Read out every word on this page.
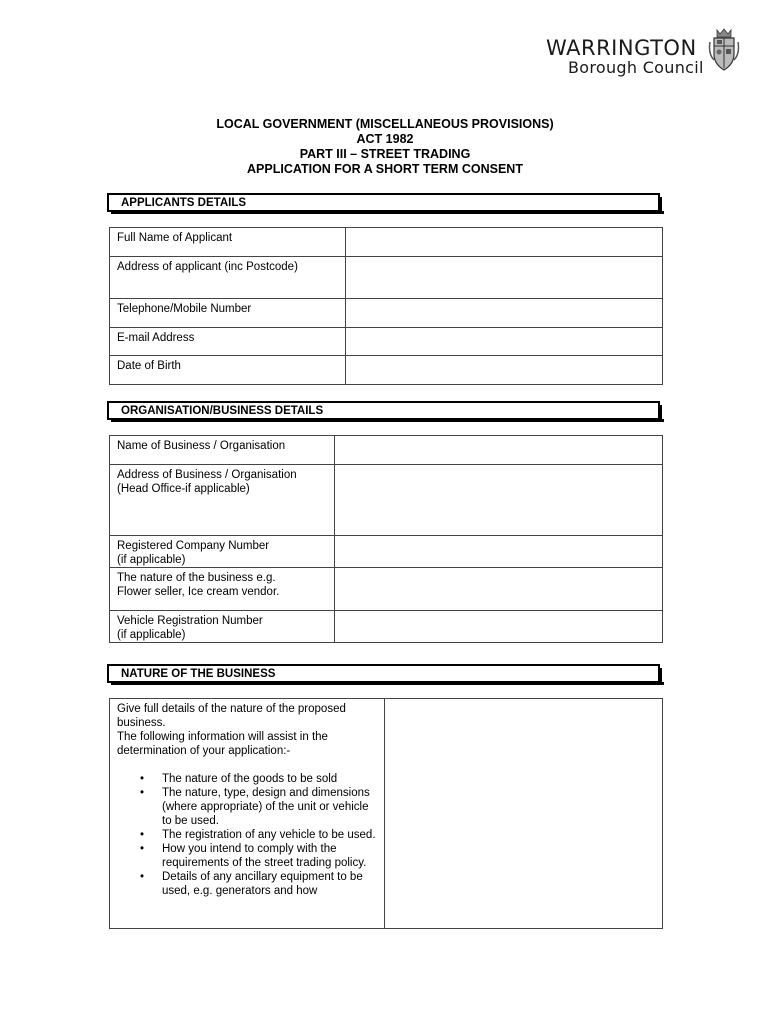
WARRINGTON
Borough Council
LOCAL GOVERNMENT (MISCELLANEOUS PROVISIONS)
ACT 1982
PART III – STREET TRADING
APPLICATION FOR A SHORT TERM CONSENT
APPLICANTS DETAILS
Full Name of Applicant	
Address of applicant (inc Postcode)	
Telephone/Mobile Number	
E-mail Address	
Date of Birth	
ORGANISATION/BUSINESS DETAILS
Name of Business / Organisation	

Address of Business / Organisation
(Head Office-if applicable)	

Registered Company Number
(if applicable)	

The nature of the business e.g.
Flower seller, Ice cream vendor.	

Vehicle Registration Number
(if applicable)	

NATURE OF THE BUSINESS
Give full details of the nature of the proposed business.
The following information will assist in the determination of your application:-
• The nature of the goods to be sold
• The nature, type, design and dimensions (where appropriate) of the unit or vehicle to be used.
• The registration of any vehicle to be used.
• How you intend to comply with the requirements of the street trading policy.
• Details of any ancillary equipment to be used, e.g. generators and how
